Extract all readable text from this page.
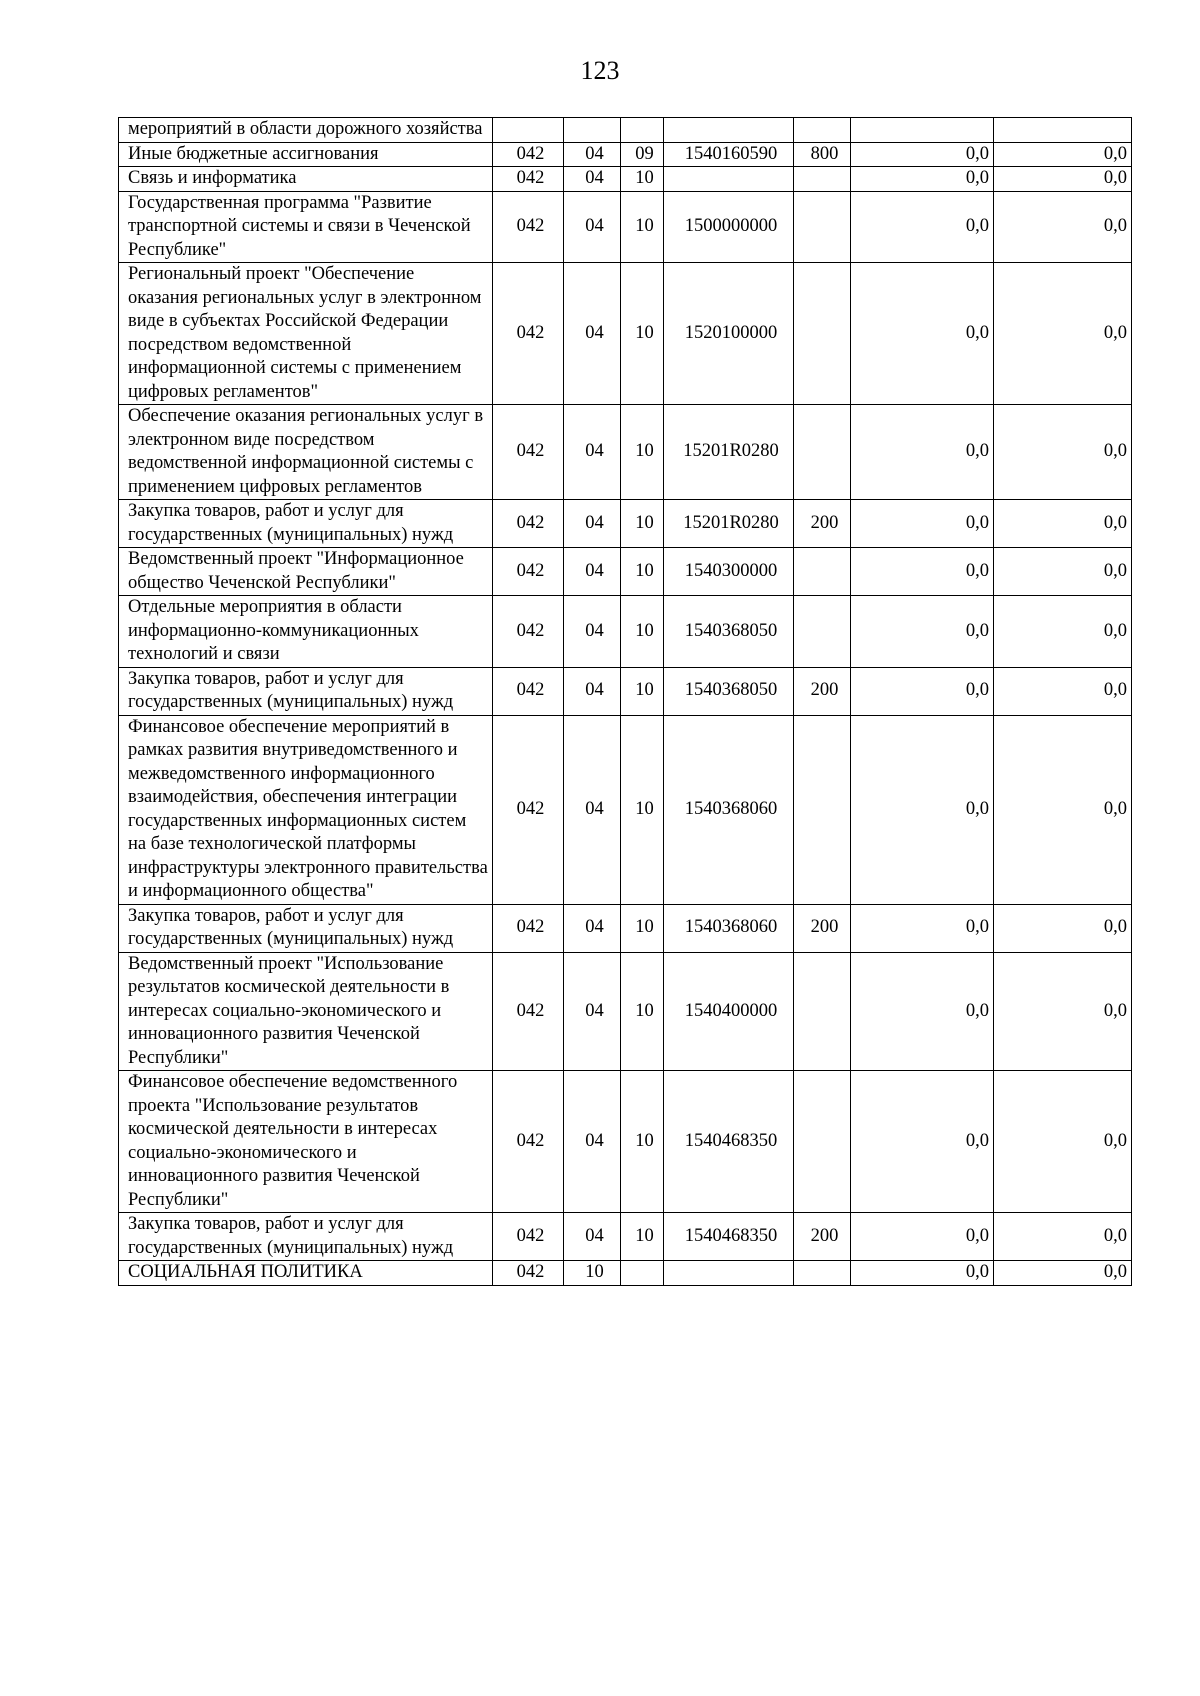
123
мероприятий в области дорожного хозяйства							
Иные бюджетные ассигнования	042	04	09	1540160590	800	0,0	0,0
Связь и информатика	042	04	10			0,0	0,0
Государственная программа "Развитие транспортной системы и связи в Чеченской Республике"	042	04	10	1500000000		0,0	0,0
Региональный проект "Обеспечение оказания региональных услуг в электронном виде в субъектах Российской Федерации посредством ведомственной информационной системы с применением цифровых регламентов"	042	04	10	1520100000		0,0	0,0
Обеспечение оказания региональных услуг в электронном виде посредством ведомственной информационной системы с применением цифровых регламентов	042	04	10	15201R0280		0,0	0,0
Закупка товаров, работ и услуг для государственных (муниципальных) нужд	042	04	10	15201R0280	200	0,0	0,0
Ведомственный проект "Информационное общество Чеченской Республики"	042	04	10	1540300000		0,0	0,0
Отдельные мероприятия в области информационно-коммуникационных технологий и связи	042	04	10	1540368050		0,0	0,0
Закупка товаров, работ и услуг для государственных (муниципальных) нужд	042	04	10	1540368050	200	0,0	0,0
Финансовое обеспечение мероприятий в рамках развития внутриведомственного и межведомственного информационного взаимодействия, обеспечения интеграции государственных информационных систем на базе технологической платформы инфраструктуры электронного правительства и информационного общества"	042	04	10	1540368060		0,0	0,0
Закупка товаров, работ и услуг для государственных (муниципальных) нужд	042	04	10	1540368060	200	0,0	0,0
Ведомственный проект "Использование результатов космической деятельности в интересах социально-экономического и инновационного развития Чеченской Республики"	042	04	10	1540400000		0,0	0,0
Финансовое обеспечение ведомственного проекта "Использование результатов космической деятельности в интересах социально-экономического и инновационного развития Чеченской Республики"	042	04	10	1540468350		0,0	0,0
Закупка товаров, работ и услуг для государственных (муниципальных) нужд	042	04	10	1540468350	200	0,0	0,0
СОЦИАЛЬНАЯ ПОЛИТИКА	042	10				0,0	0,0
